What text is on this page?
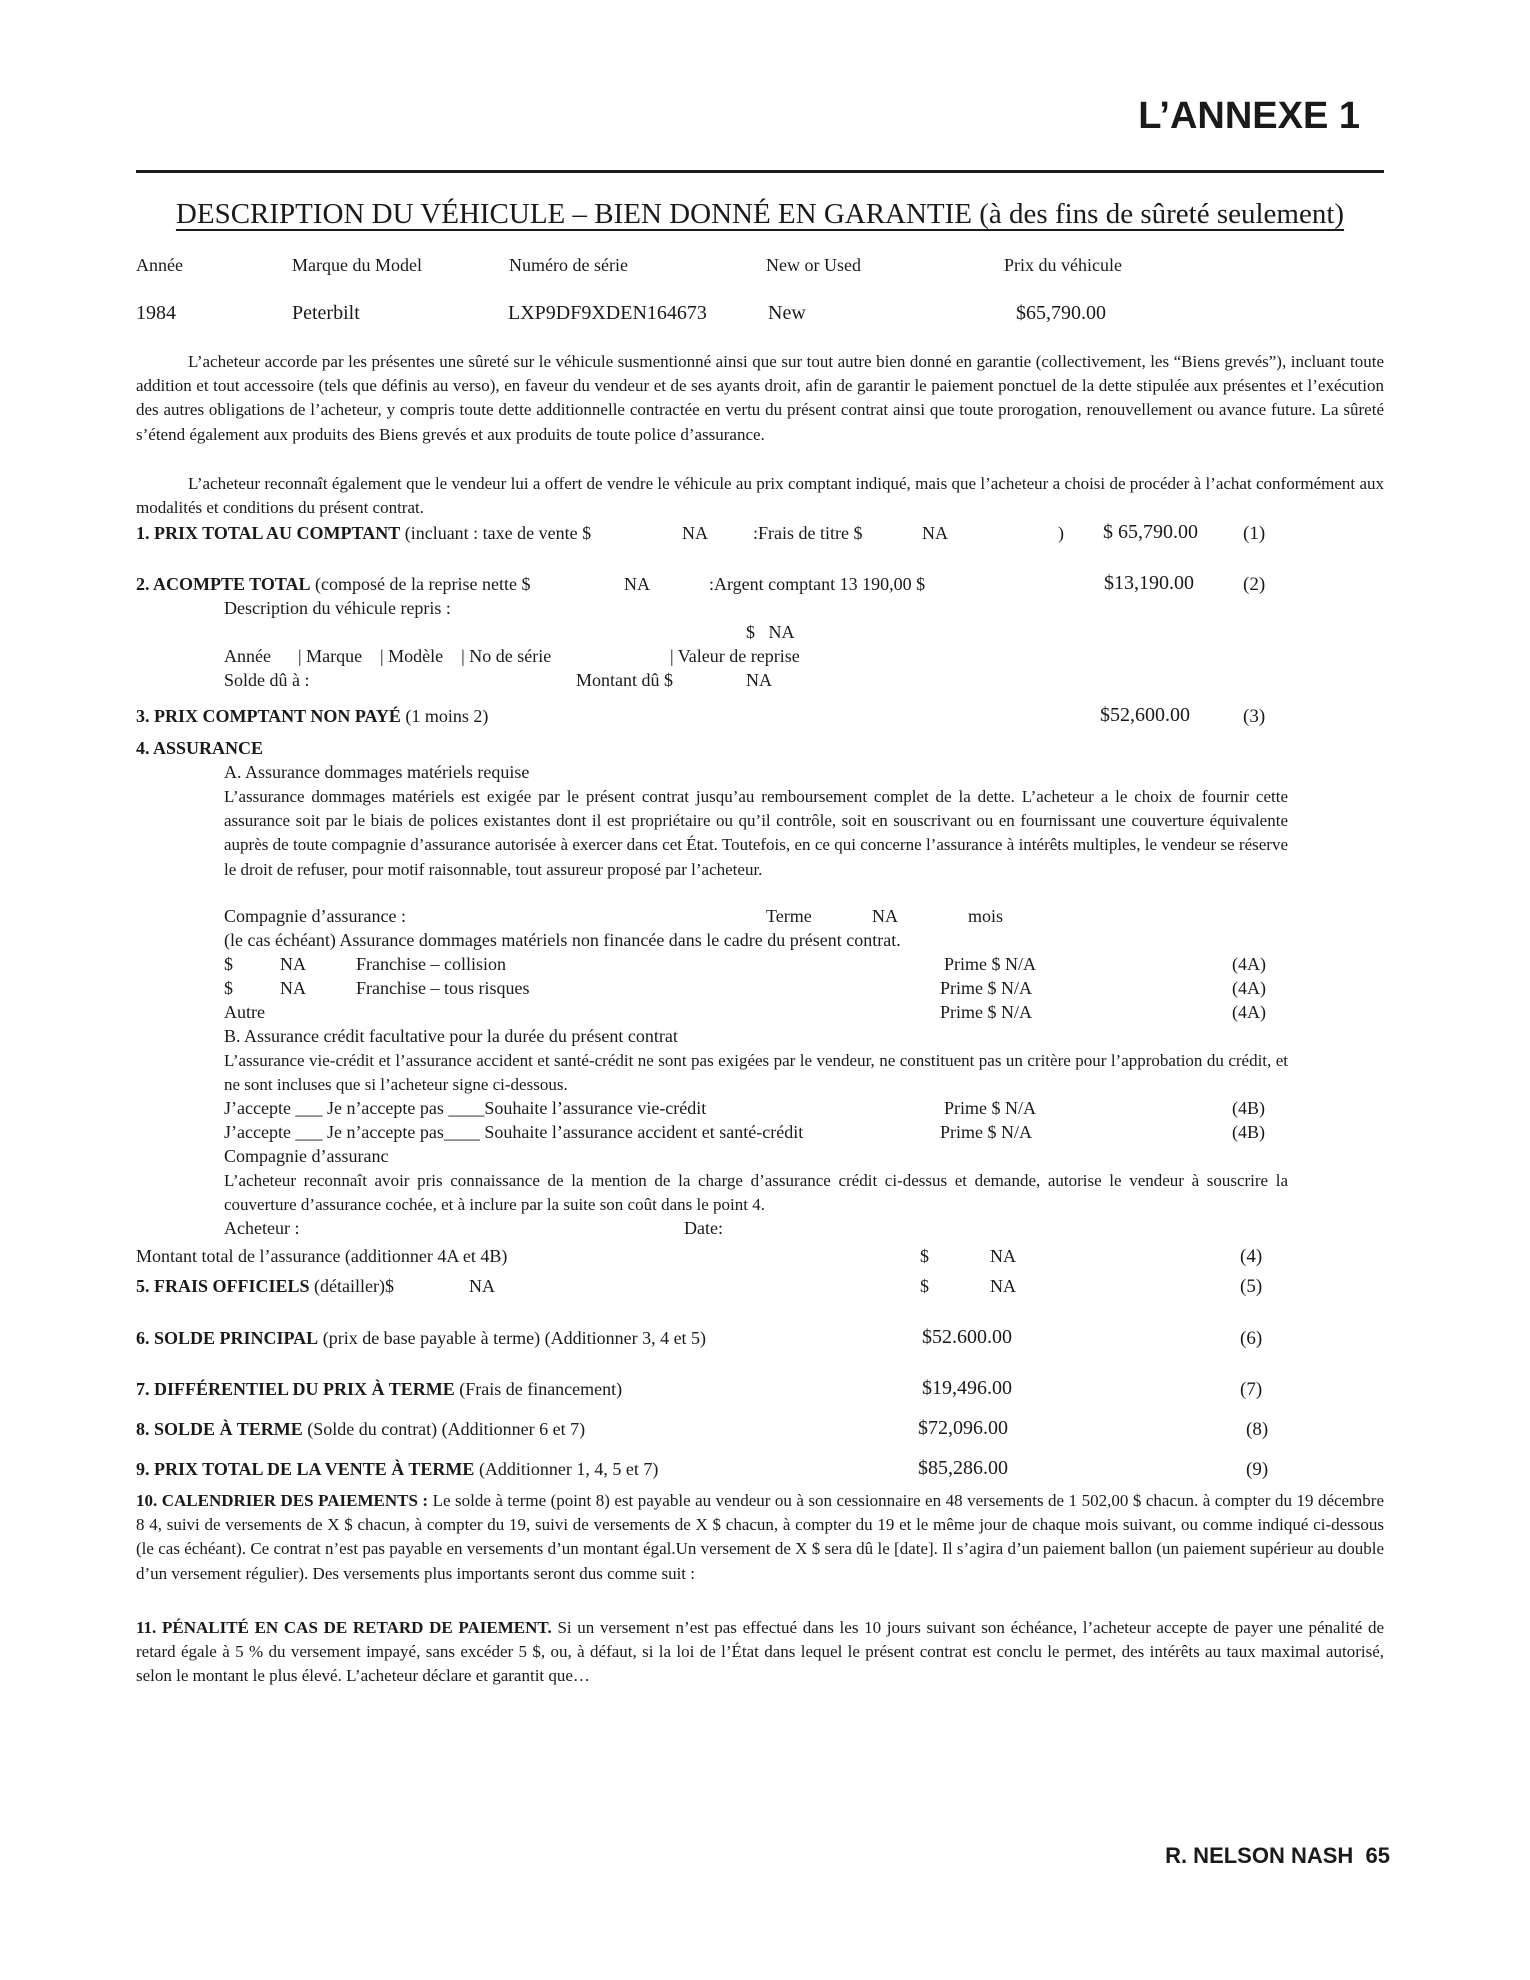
L’ANNEXE 1
DESCRIPTION DU VÉHICULE – BIEN DONNÉ EN GARANTIE (à des fins de sûreté seulement)
Année	Marque du Model	Numéro de série	New or Used	Prix du véhicule
1984	Peterbilt	LXP9DF9XDEN164673	New	$65,790.00
L’acheteur accorde par les présentes une sûreté sur le véhicule susmentionné ainsi que sur tout autre bien donné en garantie (collectivement, les “Biens grevés”), incluant toute addition et tout accessoire (tels que définis au verso), en faveur du vendeur et de ses ayants droit, afin de garantir le paiement ponctuel de la dette stipulée aux présentes et l’exécution des autres obligations de l’acheteur, y compris toute dette additionnelle contractée en vertu du présent contrat ainsi que toute prorogation, renouvellement ou avance future. La sûreté s’étend également aux produits des Biens grevés et aux produits de toute police d’assurance.
L’acheteur reconnaît également que le vendeur lui a offert de vendre le véhicule au prix comptant indiqué, mais que l’acheteur a choisi de procéder à l’achat conformément aux modalités et conditions du présent contrat.
1. PRIX TOTAL AU COMPTANT (incluant : taxe de vente $	NA	:Frais de titre $	NA	) $ 65,790.00 (1)
2. ACOMPTE TOTAL (composé de la reprise nette $	NA	:Argent comptant 13 190,00 $	$13,190.00	(2)
Description du véhicule repris :
$   NA
Année      | Marque    | Modèle    | No de série	| Valeur de reprise
Solde dû à :	Montant dû $	NA
3. PRIX COMPTANT NON PAYÉ (1 moins 2)	$52,600.00	(3)
4. ASSURANCE
A. Assurance dommages matériels requise
L’assurance dommages matériels est exigée par le présent contrat jusqu’au remboursement complet de la dette. L’acheteur a le choix de fournir cette assurance soit par le biais de polices existantes dont il est propriétaire ou qu’il contrôle, soit en souscrivant ou en fournissant une couverture équivalente auprès de toute compagnie d’assurance autorisée à exercer dans cet État. Toutefois, en ce qui concerne l’assurance à intérêts multiples, le vendeur se réserve le droit de refuser, pour motif raisonnable, tout assureur proposé par l’acheteur.
Compagnie d’assurance :	Terme	NA	mois
(le cas échéant) Assurance dommages matériels non financée dans le cadre du présent contrat.
$	NA	Franchise – collision	Prime $ N/A	(4A)
$	NA	Franchise – tous risques	Prime $ N/A	(4A)
Autre	Prime $ N/A	(4A)
B. Assurance crédit facultative pour la durée du présent contrat
L’assurance vie-crédit et l’assurance accident et santé-crédit ne sont pas exigées par le vendeur, ne constituent pas un critère pour l’approbation du crédit, et ne sont incluses que si l’acheteur signe ci-dessous.
J’accepte ___ Je n’accepte pas ____Souhaite l’assurance vie-crédit	Prime $ N/A	(4B)
J’accepte ___ Je n’accepte pas____ Souhaite l’assurance accident et santé-crédit	Prime $ N/A	(4B)
Compagnie d’assuranc
L’acheteur reconnaît avoir pris connaissance de la mention de la charge d’assurance crédit ci-dessus et demande, autorise le vendeur à souscrire la couverture d’assurance cochée, et à inclure par la suite son coût dans le point 4.
Acheteur :	Date:
Montant total de l’assurance (additionner 4A et 4B)	$	NA	(4)
5. FRAIS OFFICIELS (détailler)$	NA	$	NA	(5)
6. SOLDE PRINCIPAL (prix de base payable à terme) (Additionner 3, 4 et 5)	$52.600.00	(6)
7. DIFFÉRENTIEL DU PRIX À TERME (Frais de financement)	$19,496.00	(7)
8. SOLDE À TERME (Solde du contrat) (Additionner 6 et 7)	$72,096.00	(8)
9. PRIX TOTAL DE LA VENTE À TERME (Additionner 1, 4, 5 et 7)	$85,286.00	(9)
10. CALENDRIER DES PAIEMENTS : Le solde à terme (point 8) est payable au vendeur ou à son cessionnaire en 48 versements de 1 502,00 $ chacun. à compter du 19 décembre 8 4, suivi de versements de X $ chacun, à compter du 19, suivi de versements de X $ chacun, à compter du 19 et le même jour de chaque mois suivant, ou comme indiqué ci-dessous (le cas échéant). Ce contrat n’est pas payable en versements d’un montant égal.Un versement de X $ sera dû le [date]. Il s’agira d’un paiement ballon (un paiement supérieur au double d’un versement régulier). Des versements plus importants seront dus comme suit :
11. PÉNALITÉ EN CAS DE RETARD DE PAIEMENT. Si un versement n’est pas effectué dans les 10 jours suivant son échéance, l’acheteur accepte de payer une pénalité de retard égale à 5 % du versement impayé, sans excéder 5 $, ou, à défaut, si la loi de l’État dans lequel le présent contrat est conclu le permet, des intérêts au taux maximal autorisé, selon le montant le plus élevé. L’acheteur déclare et garantit que…
R. NELSON NASH  65
